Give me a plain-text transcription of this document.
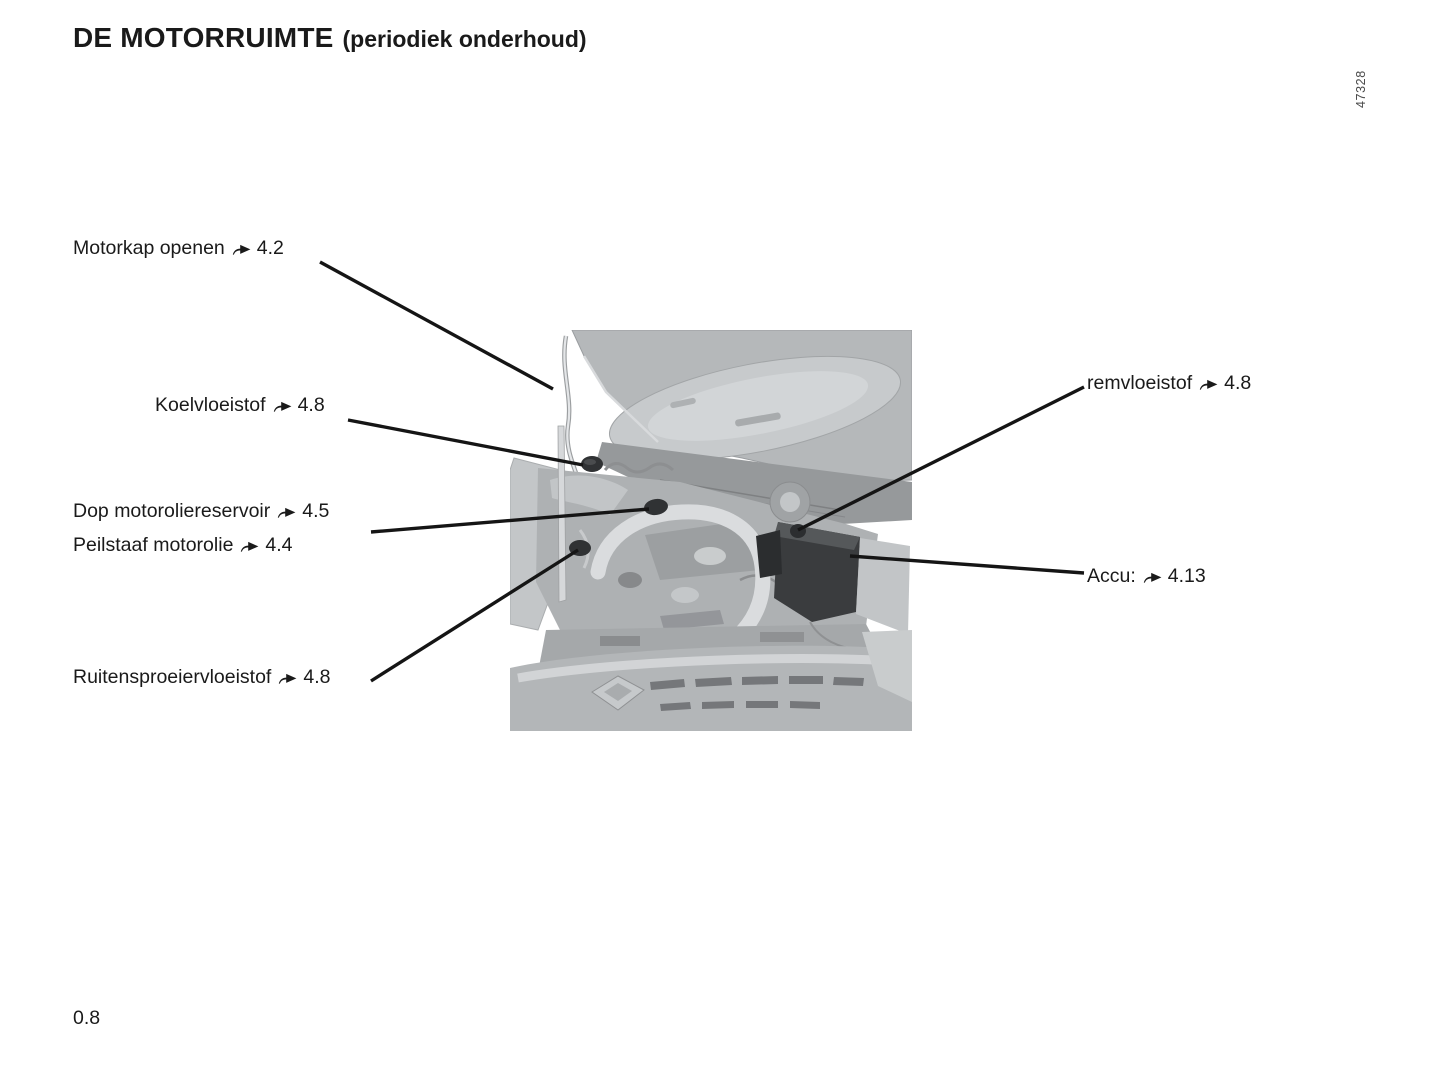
DE MOTORRUIMTE (periodiek onderhoud)
47328
Motorkap openen 4.2
Koelvloeistof 4.8
Dop motoroliereservoir 4.5
Peilstaaf motorolie 4.4
Ruitensproeiervloeistof 4.8
remvloeistof 4.8
Accu: 4.13
0.8
